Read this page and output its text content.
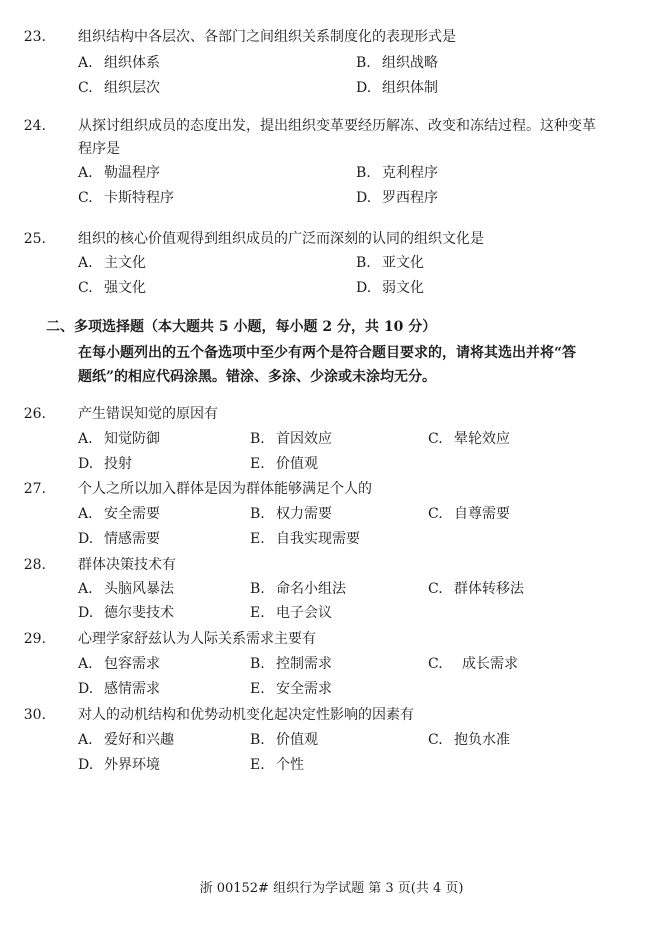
23. 组织结构中各层次、各部门之间组织关系制度化的表现形式是
A. 组织体系	B. 组织战略
C. 组织层次	D. 组织体制
24. 从探讨组织成员的态度出发，提出组织变革要经历解冻、改变和冻结过程。这种变革
程序是
A. 勒温程序	B. 克利程序
C. 卡斯特程序	D. 罗西程序
25. 组织的核心价值观得到组织成员的广泛而深刻的认同的组织文化是
A. 主文化	B. 亚文化
C. 强文化	D. 弱文化
二、多项选择题（本大题共 5 小题，每小题 2 分，共 10 分）
在每小题列出的五个备选项中至少有两个是符合题目要求的，请将其选出并将“答
题纸”的相应代码涂黑。错涂、多涂、少涂或未涂均无分。
26. 产生错误知觉的原因有
A. 知觉防御	B. 首因效应	C. 晕轮效应
D. 投射	E. 价值观
27. 个人之所以加入群体是因为群体能够满足个人的
A. 安全需要	B. 权力需要	C. 自尊需要
D. 情感需要	E. 自我实现需要
28. 群体决策技术有
A. 头脑风暴法	B. 命名小组法	C. 群体转移法
D. 德尔斐技术	E. 电子会议
29. 心理学家舒兹认为人际关系需求主要有
A. 包容需求	B. 控制需求	C. 成长需求
D. 感情需求	E. 安全需求
30. 对人的动机结构和优势动机变化起决定性影响的因素有
A. 爱好和兴趣	B. 价值观	C. 抱负水准
D. 外界环境	E. 个性
浙 00152# 组织行为学试题 第 3 页(共 4 页)
